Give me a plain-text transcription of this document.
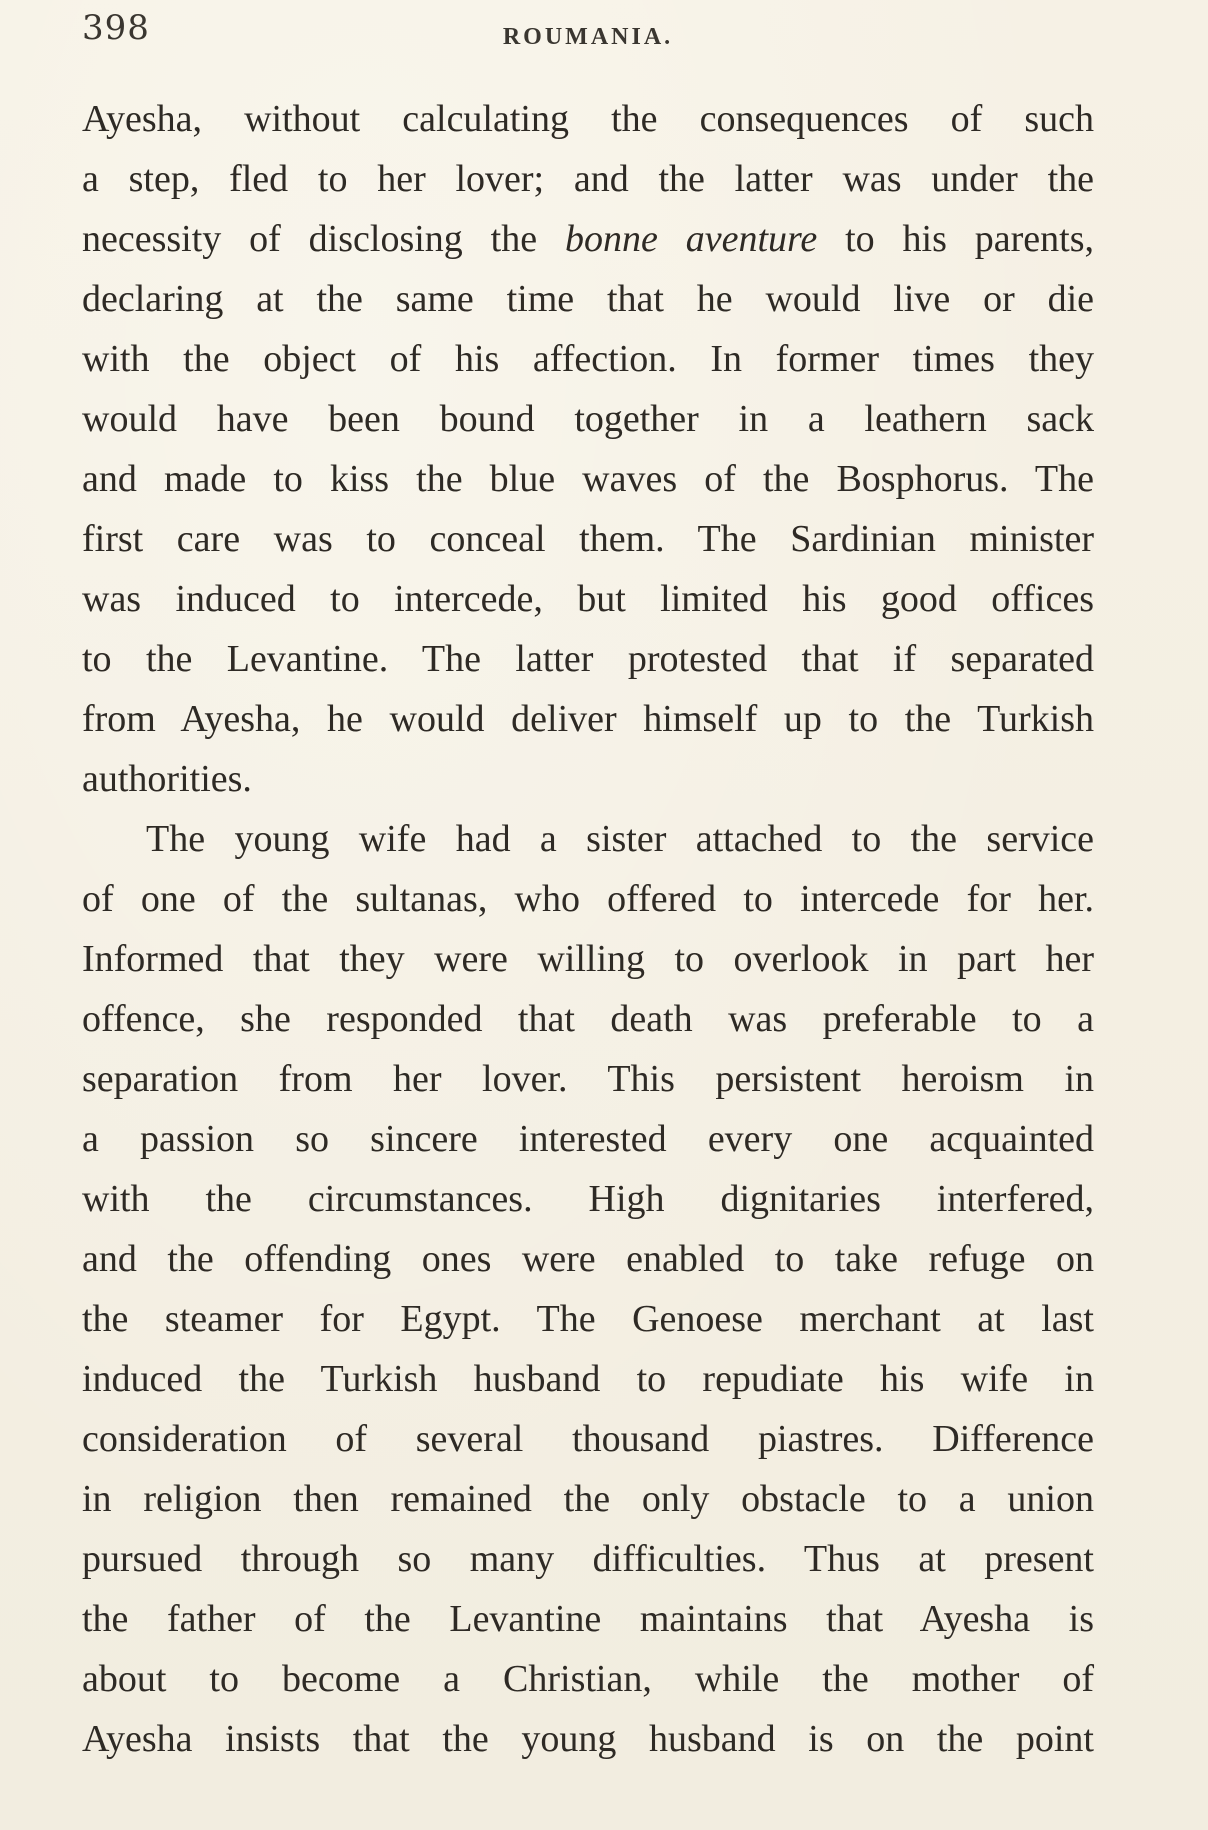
398	ROUMANIA.
Ayesha, without calculating the consequences of such
a step, fled to her lover; and the latter was under the
necessity of disclosing the bonne aventure to his parents,
declaring at the same time that he would live or die
with the object of his affection. In former times they
would have been bound together in a leathern sack
and made to kiss the blue waves of the Bosphorus. The
first care was to conceal them. The Sardinian minister
was induced to intercede, but limited his good offices
to the Levantine. The latter protested that if separated
from Ayesha, he would deliver himself up to the Turkish
authorities.
The young wife had a sister attached to the service
of one of the sultanas, who offered to intercede for her.
Informed that they were willing to overlook in part her
offence, she responded that death was preferable to a
separation from her lover. This persistent heroism in
a passion so sincere interested every one acquainted
with the circumstances. High dignitaries interfered,
and the offending ones were enabled to take refuge on
the steamer for Egypt. The Genoese merchant at last
induced the Turkish husband to repudiate his wife in
consideration of several thousand piastres. Difference
in religion then remained the only obstacle to a union
pursued through so many difficulties. Thus at present
the father of the Levantine maintains that Ayesha is
about to become a Christian, while the mother of
Ayesha insists that the young husband is on the point
